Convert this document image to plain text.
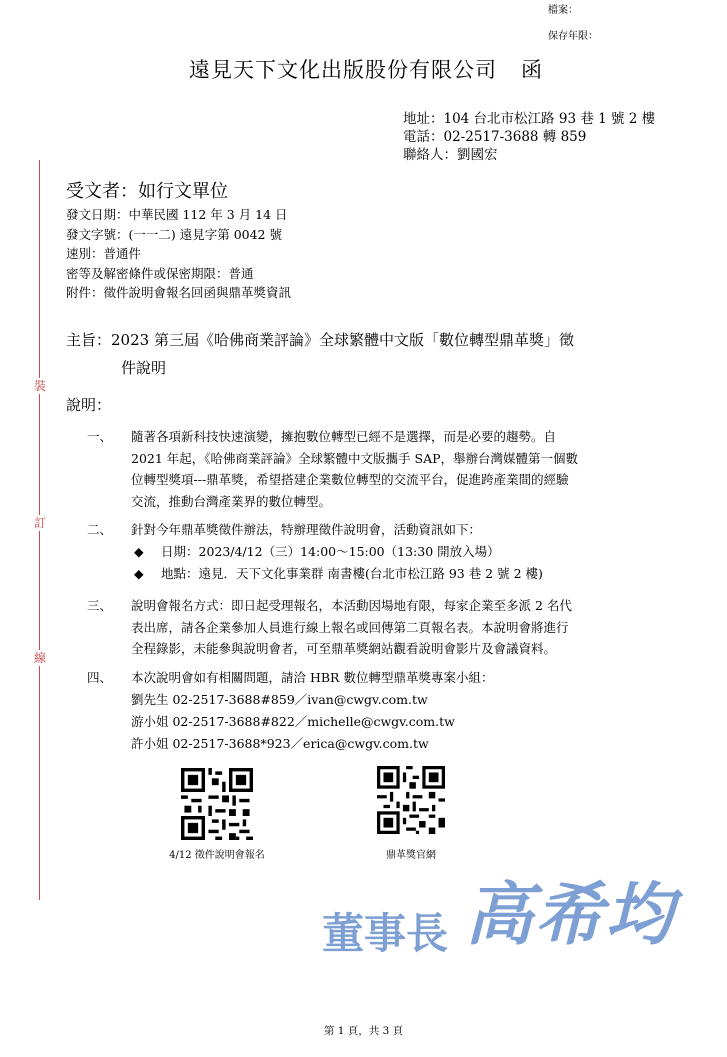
檔案：
保存年限：
遠見天下文化出版股份有限公司 函
地址：104 台北市松江路 93 巷 1 號 2 樓
電話：02-2517-3688 轉 859
聯絡人：劉國宏
裝
訂
線
受文者：如行文單位
發文日期：中華民國 112 年 3 月 14 日
發文字號：(一一二) 遠見字第 0042 號
速別：普通件
密等及解密條件或保密期限：普通
附件：徵件說明會報名回函與鼎革獎資訊
主旨：2023 第三屆《哈佛商業評論》全球繁體中文版「數位轉型鼎革獎」徵
件說明
說明：
一、	隨著各項新科技快速演變，擁抱數位轉型已經不是選擇，而是必要的趨勢。自
2021 年起，《哈佛商業評論》全球繁體中文版攜手 SAP，舉辦台灣媒體第一個數
位轉型獎項---鼎革獎，希望搭建企業數位轉型的交流平台，促進跨產業間的經驗
交流，推動台灣產業界的數位轉型。
二、	針對今年鼎革獎徵件辦法，特辦理徵件說明會，活動資訊如下：
◆	日期：2023/4/12（三）14:00～15:00（13:30 開放入場）
◆	地點：遠見．天下文化事業群 南書樓(台北市松江路 93 巷 2 號 2 樓)
三、	說明會報名方式：即日起受理報名，本活動因場地有限，每家企業至多派 2 名代
表出席，請各企業參加人員進行線上報名或回傳第二頁報名表。本說明會將進行
全程錄影，未能參與說明會者，可至鼎革獎網站觀看說明會影片及會議資料。
四、	本次說明會如有相關問題，請洽 HBR 數位轉型鼎革獎專案小組：
劉先生 02-2517-3688#859／ivan@cwgv.com.tw
游小姐 02-2517-3688#822／michelle@cwgv.com.tw
許小姐 02-2517-3688*923／erica@cwgv.com.tw
4/12 徵件說明會報名	鼎革獎官網
董事長 高希均
第 1 頁，共 3 頁
